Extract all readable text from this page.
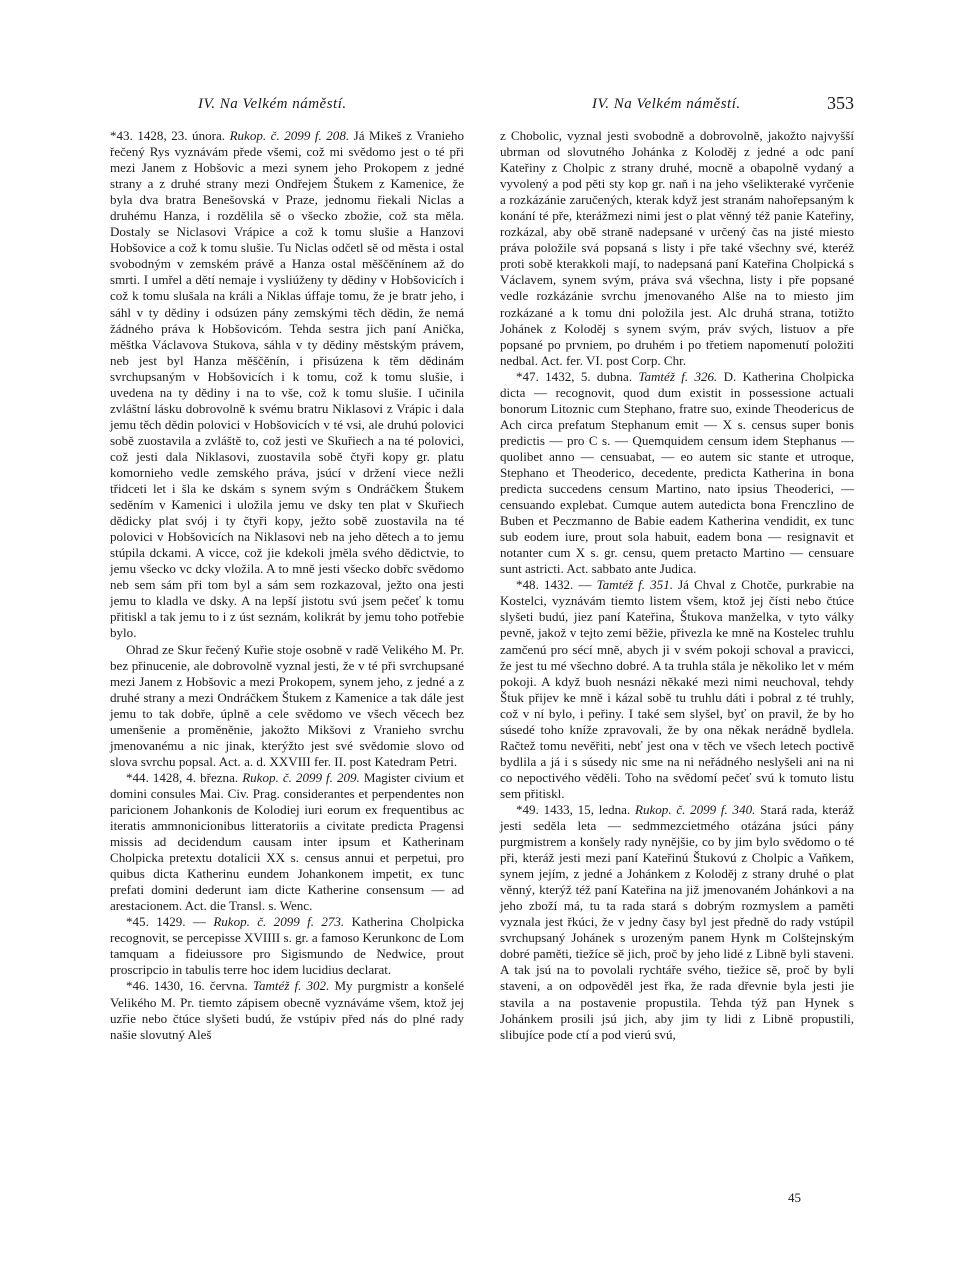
IV. Na Velkém náměstí.	IV. Na Velkém náměstí.	353

*43. 1428, 23. února. Rukop. č. 2099 f. 208. Já Mikeš z Vranieho řečený Rys vyznávám přede všemi, což mi svědomo jest o té při mezi Janem z Hobšovic a mezi synem jeho Prokopem z jedné strany a z druhé strany mezi Ondřejem Štukem z Kamenice, že byla dva bratra Benešovská v Praze, jednomu řiekali Niclas a druhému Hanza, i rozdělila sě o všecko zbožie, což sta měla. Dostaly se Niclasovi Vrápice a což k tomu slušie a Hanzovi Hobšovice a což k tomu slušie. Tu Niclas odčetl sě od města i ostal svobodným v zemském právě a Hanza ostal měščěnínem až do smrti. I umřel a dětí nemaje i vysliúženy ty dědiny v Hobšovicích i což k tomu slušala na králi a Niklas úffaje tomu, že je bratr jeho, i sáhl v ty dědiny i odsúzen pány zemskými těch dědin, že nemá žádného práva k Hobšovicóm. Tehda sestra jich paní Anička, měštka Václavova Stukova, sáhla v ty dědiny městským právem, neb jest byl Hanza měščěnín, i přisúzena k těm dědinám svrchupsaným v Hobšovicích i k tomu, což k tomu slušie, i uvedena na ty dědiny i na to vše, což k tomu slušie. I učinila zvláštní lásku dobrovolně k svému bratru Niklasovi z Vrápic i dala jemu těch dědin polovici v Hobšovicích v té vsi, ale druhú polovici sobě zuostavila a zvláště to, což jesti ve Skuřiech a na té polovici, což jesti dala Niklasovi, zuostavila sobě čtyři kopy gr. platu komornieho vedle zemského práva, jsúcí v držení viece nežli třidceti let i šla ke dskám s synem svým s Ondráčkem Štukem seděním v Kamenici i uložila jemu ve dsky ten plat v Skuřiech dědicky plat svój i ty čtyři kopy, ježto sobě zuostavila na té polovici v Hobšovicích na Niklasovi neb na jeho dětech a to jemu stúpila dckami. A vicce, což jie kdekoli jměla svého dědictvie, to jemu všecko vc dcky vložila. A to mně jesti všecko dobřc svědomo neb sem sám při tom byl a sám sem rozkazoval, ježto ona jesti jemu to kladla ve dsky. A na lepší jistotu svú jsem pečeť k tomu přitiskl a tak jemu to i z úst seznám, kolikrát by jemu toho potřebie bylo.

Ohrad ze Skur řečený Kuřie stoje osobně v radě Velikého M. Pr. bez přinucenie, ale dobrovolně vyznal jesti, že v té při svrchupsané mezi Janem z Hobšovic a mezi Prokopem, synem jeho, z jedné a z druhé strany a mezi Ondráčkem Štukem z Kamenice a tak dále jest jemu to tak dobře, úplně a cele svědomo ve všech věcech bez umenšenie a proměněnie, jakožto Mikšovi z Vranieho svrchu jmenovanému a nic jinak, kterýžto jest své svědomie slovo od slova svrchu popsal. Act. a. d. XXVIII fer. II. post Katedram Petri.

*44. 1428, 4. března. Rukop. č. 2099 f. 209. Magister civium et domini consules Mai. Civ. Prag. considerantes et perpendentes non paricionem Johankonis de Kolodiej iuri eorum ex frequentibus ac iteratis ammnonicionibus litteratoriis a civitate predicta Pragensi missis ad decidendum causam inter ipsum et Katherinam Cholpicka pretextu dotalicii XX s. census annui et perpetui, pro quibus dicta Katherinu eundem Johankonem impetit, ex tunc prefati domini dederunt iam dicte Katherine consensum — ad arestacionem. Act. die Transl. s. Wenc.

*45. 1429. — Rukop. č. 2099 f. 273. Katherina Cholpicka recognovit, se percepisse XVIIII s. gr. a famoso Kerunkonc de Lom tamquam a fideiussore pro Sigismundo de Nedwice, prout proscripcio in tabulis terre hoc idem lucidius declarat.

*46. 1430, 16. června. Tamtéž f. 302. My purgmistr a konšelé Velikého M. Pr. tiemto zápisem obecně vyznáváme všem, ktož jej uzřie nebo čtúce slyšeti budú, že vstúpiv před nás do plné rady našie slovutný Aleš

z Chobolic, vyznal jesti svobodně a dobrovolně, jakožto najvyšší ubrman od slovutného Johánka z Koloděj z jedné a odc paní Kateřiny z Cholpic z strany druhé, mocně a obapolně vydaný a vyvolený a pod pěti sty kop gr. naň i na jeho všelikteraké vyrčenie a rozkázánie zaručených, kterak když jest stranám nahořepsaným k konání té pře, kterážmezi nimi jest o plat věnný též panie Kateřiny, rozkázal, aby obě straně nadepsané v určený čas na jisté miesto práva položile svá popsaná s listy i pře také všechny své, kteréž proti sobě kterakkoli mají, to nadepsaná paní Kateřina Cholpická s Václavem, synem svým, práva svá všechna, listy i pře popsané vedle rozkázánie svrchu jmenovaného Alše na to miesto jim rozkázané a k tomu dni položila jest. Alc druhá strana, totižto Johánek z Koloděj s synem svým, práv svých, listuov a pře popsané po prvniem, po druhém i po třetiem napomenutí položiti nedbal. Act. fer. VI. post Corp. Chr.

*47. 1432, 5. dubna. Tamtéž f. 326. D. Katherina Cholpicka dicta — recognovit, quod dum existit in possessione actuali bonorum Litoznic cum Stephano, fratre suo, exinde Theodericus de Ach circa prefatum Stephanum emit — X s. census super bonis predictis — pro C s. — Quemquidem censum idem Stephanus — quolibet anno — censuabat, — eo autem sic stante et utroque, Stephano et Theoderico, decedente, predicta Katherina in bona predicta succedens censum Martino, nato ipsius Theoderici, — censuando explebat. Cumque autem autedicta bona Frenczlino de Buben et Peczmanno de Babie eadem Katherina vendidit, ex tunc sub eodem iure, prout sola habuit, eadem bona — resignavit et notanter cum X s. gr. censu, quem pretacto Martino — censuare sunt astricti. Act. sabbato ante Judica.

*48. 1432. — Tamtéž f. 351. Já Chval z Chotče, purkrabie na Kostelci, vyznávám tiemto listem všem, ktož jej čísti nebo čtúce slyšeti budú, jiez paní Kateřina, Štukova manželka, v tyto války pevně, jakož v tejto zemi běžie, přivezla ke mně na Kostelec truhlu zamčenú pro sécí mně, abych ji v svém pokoji schoval a pravicci, že jest tu mé všechno dobré. A ta truhla stála je několiko let v mém pokoji. A když buoh nesnázi někaké mezi nimi neuchoval, tehdy Štuk přijev ke mně i kázal sobě tu truhlu dáti i pobral z té truhly, což v ní bylo, i peřiny. I také sem slyšel, byť on pravil, že by ho súsedé toho kníže zpravovali, že by ona někak nerádně bydlela. Račtež tomu nevěřiti, nebť jest ona v těch ve všech letech poctivě bydlila a já i s súsedy nic sme na ni neřádného neslyšeli ani na ni co nepoctivého věděli. Toho na svědomí pečeť svú k tomuto listu sem přitiskl.

*49. 1433, 15, ledna. Rukop. č. 2099 f. 340. Stará rada, kteráž jesti seděla leta — sedmmezcietmého otázána jsúci pány purgmistrem a konšely rady nynějšie, co by jim bylo svědomo o té při, kteráž jesti mezi paní Kateřinú Štukovú z Cholpic a Vaňkem, synem jejím, z jedné a Johánkem z Koloděj z strany druhé o plat věnný, kterýž též paní Kateřina na již jmenovaném Johánkovi a na jeho zboží má, tu ta rada stará s dobrým rozmyslem a paměti vyznala jest řkúci, že v jedny časy byl jest předně do rady vstúpil svrchupsaný Johánek s urozeným panem Hynk m Colštejnským dobré paměti, tiežíce sě jich, proč by jeho lidé z Libně byli staveni. A tak jsú na to povolali rychtáře svého, tiežice sě, proč by byli staveni, a on odpověděl jest řka, že rada dřevnie byla jesti jie stavila a na postavenie propustila. Tehda týž pan Hynek s Johánkem prosili jsú jich, aby jim ty lidi z Libně propustili, slibujíce pode ctí a pod vierú svú,

45
